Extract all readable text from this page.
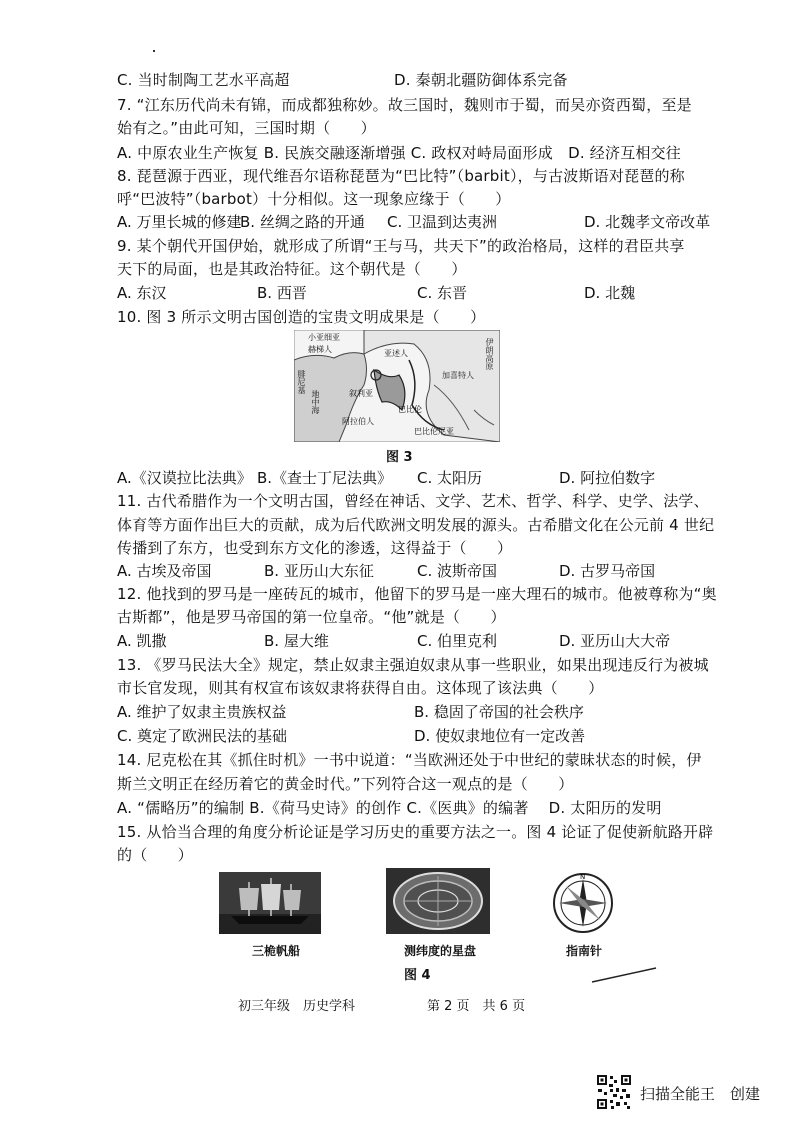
C. 当时制陶工艺水平高超	D. 秦朝北疆防御体系完备
7. “江东历代尚未有锦，而成都独称妙。故三国时，魏则市于蜀，而吴亦资西蜀，至是
始有之。”由此可知，三国时期（　　）
A. 中原农业生产恢复 B. 民族交融逐渐增强 C. 政权对峙局面形成　D. 经济互相交往
8. 琵琶源于西亚，现代维吾尔语称琵琶为“巴比特”（barbit），与古波斯语对琵琶的称
呼“巴波特”（barbot）十分相似。这一现象应缘于（　　）
A. 万里长城的修建
B. 丝绸之路的开通 C. 卫温到达夷洲	D. 北魏孝文帝改革
9. 某个朝代开国伊始，就形成了所谓“王与马，共天下”的政治格局，这样的君臣共享
天下的局面，也是其政治特征。这个朝代是（　　）
A. 东汉	B. 西晋	C. 东晋	D. 北魏
10. 图 3 所示文明古国创造的宝贵文明成果是（　　）
小亚细亚
赫梯人
腓尼基
地中海	叙利亚
亚述人
巴比伦
加喜特人
伊朗高原
阿拉伯人
巴比伦尼亚
图 3
A.《汉谟拉比法典》 B.《查士丁尼法典》 C. 太阳历	D. 阿拉伯数字
11. 古代希腊作为一个文明古国，曾经在神话、文学、艺术、哲学、科学、史学、法学、
体育等方面作出巨大的贡献，成为后代欧洲文明发展的源头。古希腊文化在公元前 4 世纪
传播到了东方，也受到东方文化的渗透，这得益于（　　）
A. 古埃及帝国	B. 亚历山大东征	C. 波斯帝国	D. 古罗马帝国
12. 他找到的罗马是一座砖瓦的城市，他留下的罗马是一座大理石的城市。他被尊称为“奥
古斯都”，他是罗马帝国的第一位皇帝。“他”就是（　　）
A. 凯撒	B. 屋大维	C. 伯里克利	D. 亚历山大大帝
13. 《罗马民法大全》规定，禁止奴隶主强迫奴隶从事一些职业，如果出现违反行为被城
市长官发现，则其有权宣布该奴隶将获得自由。这体现了该法典（　　）
A. 维护了奴隶主贵族权益	B. 稳固了帝国的社会秩序
C. 奠定了欧洲民法的基础	D. 使奴隶地位有一定改善
14. 尼克松在其《抓住时机》一书中说道：“当欧洲还处于中世纪的蒙昧状态的时候，伊
斯兰文明正在经历着它的黄金时代。”下列符合这一观点的是（　　）
A. “儒略历”的编制 B.《荷马史诗》的创作 C.《医典》的编著　 D. 太阳历的发明
15. 从恰当合理的角度分析论证是学习历史的重要方法之一。图 4 论证了促使新航路开辟
的（　　）
三桅帆船	测纬度的星盘
N
指南针
图 4
初三年级　历史学科	第 2 页　共 6 页
扫描全能王　创建
